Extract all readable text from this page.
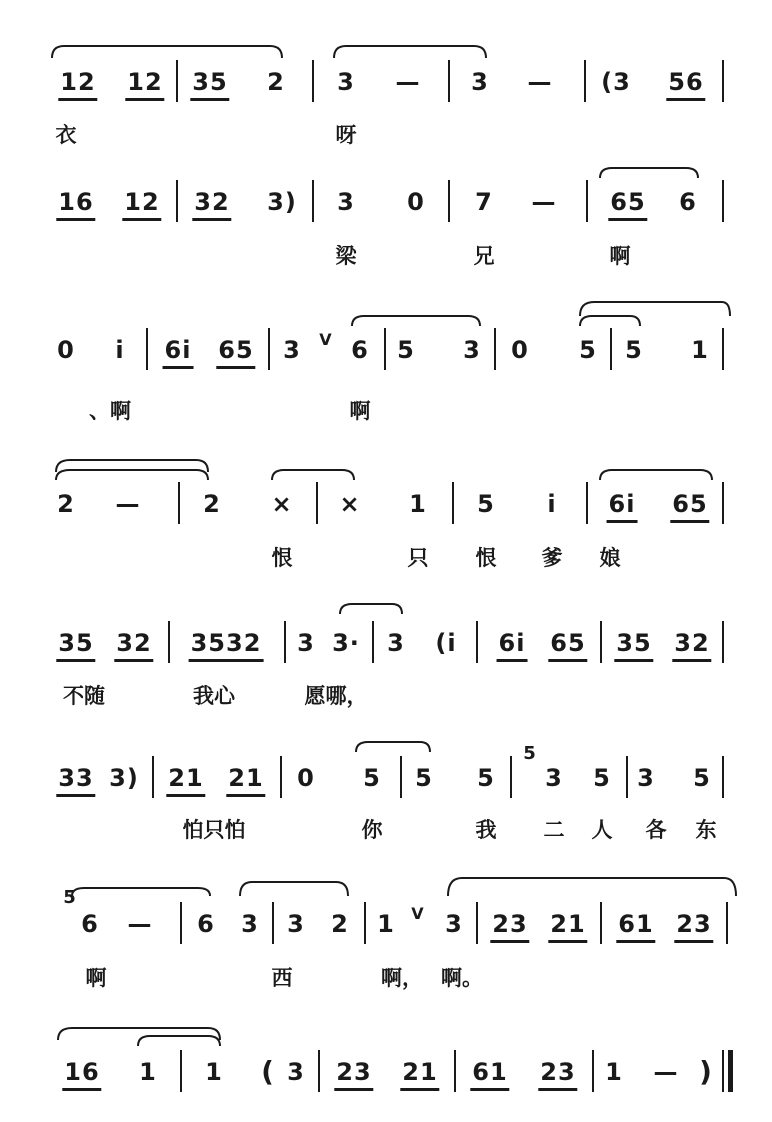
12 12 35 2 3 — 3 — (3 56
衣	呀
16 12 32 3) 3 0 7 — 65 6
梁	兄	啊
0 i 6i 65 3 V 6 5 3 0 5 5 1
、啊	啊
2 —	2 × × 1 5 i 6i 65
恨	只 恨 爹 娘
35 32 3532 3 3· 3 (i 6i 65 35 32
不随	我心	愿哪，
33 3) 21 21 0 5 5 5
5
3 5 3 5
怕只怕	你	我 二 人 各 东
5
6 — 6 3 3 2 1 V 3 23 21 61 23
啊	西	啊， 啊。
16 1 1 ( 3 23 21 61 23 1 — )
